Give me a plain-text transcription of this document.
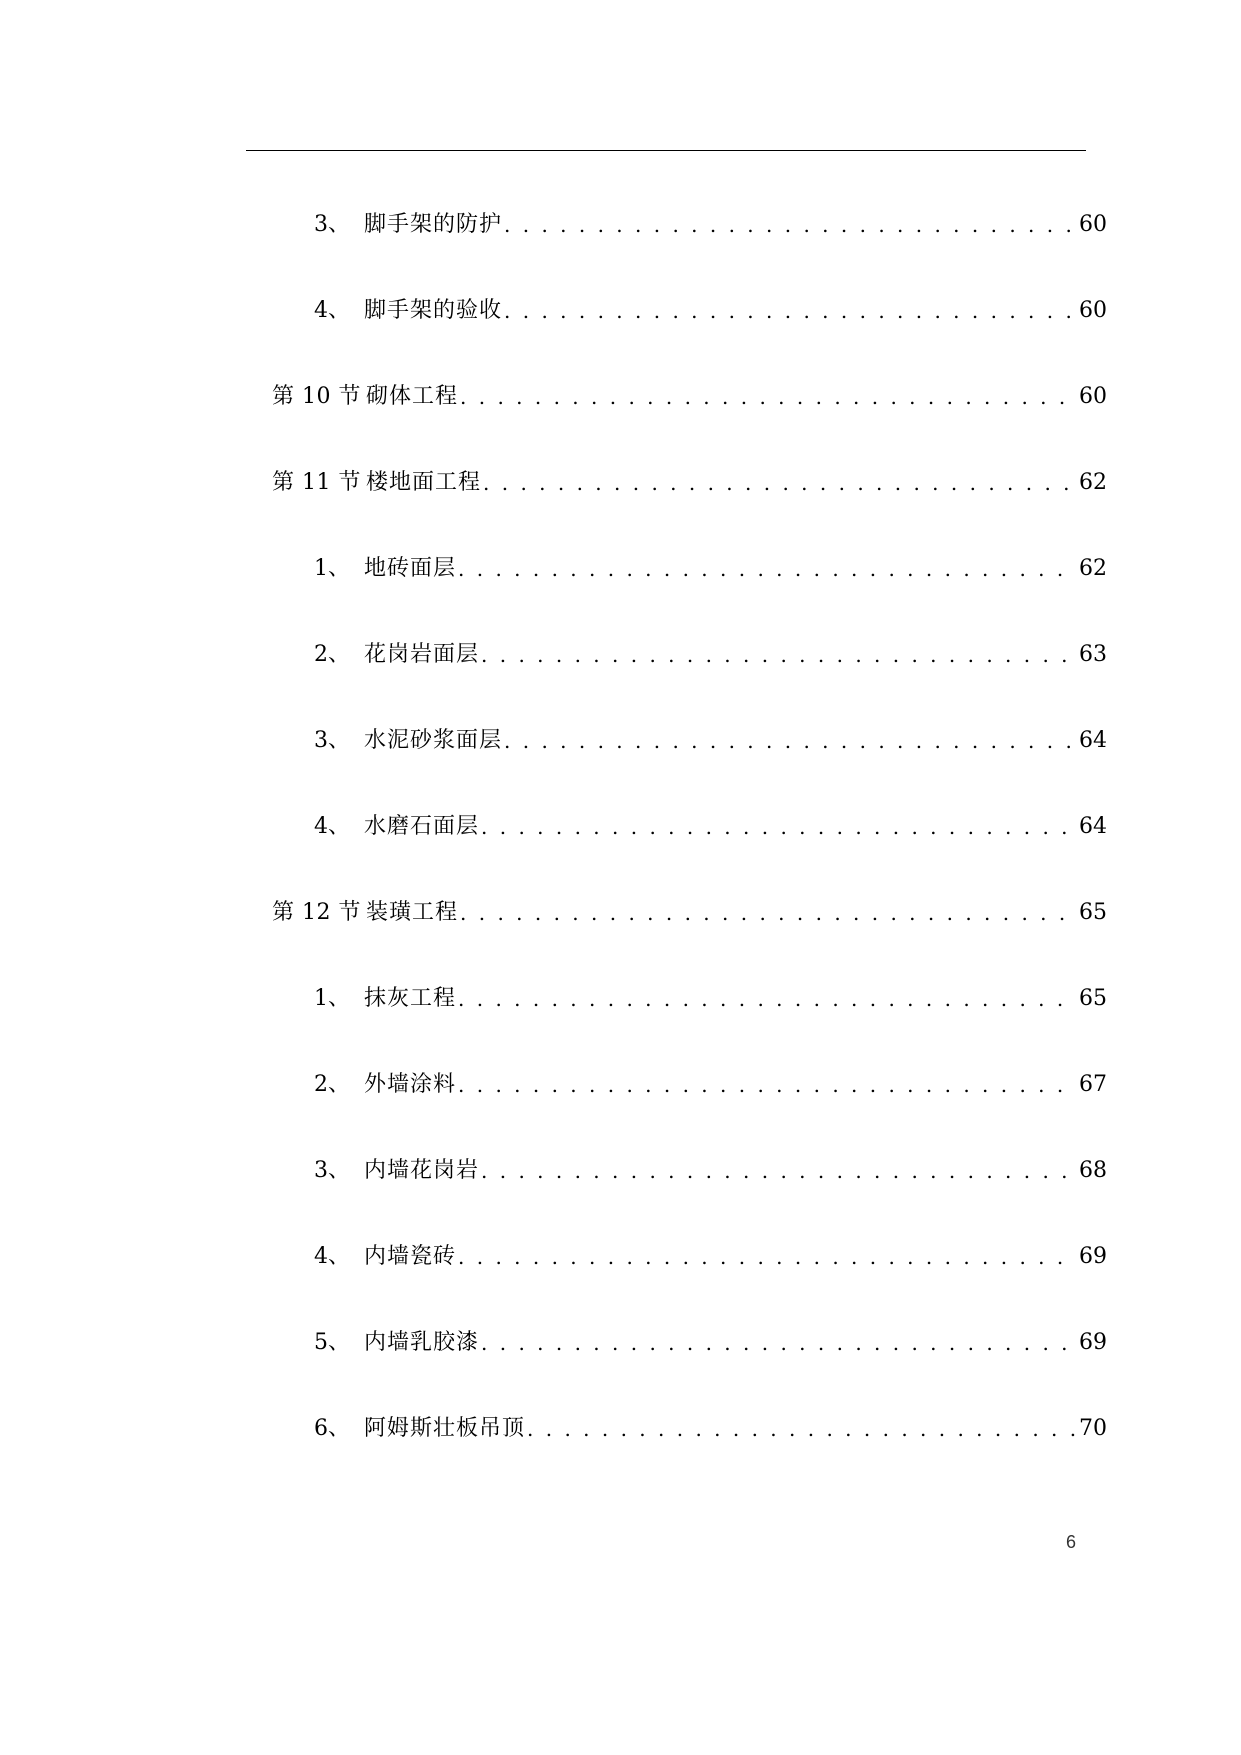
3、 脚手架的防护 . . .	60
4、 脚手架的验收 . . .	60
第 10 节 砌体工程 . . .	60
第 11 节 楼地面工程 . . .	62
1、 地砖面层 . . .	62
2、 花岗岩面层 . . .	63
3、 水泥砂浆面层 . . .	64
4、 水磨石面层 . . .	64
第 12 节 装璜工程 . . .	65
1、 抹灰工程 . . .	65
2、 外墙涂料 . . .	67
3、 内墙花岗岩 . . .	68
4、 内墙瓷砖 . . .	69
5、 内墙乳胶漆 . . .	69
6、 阿姆斯壮板吊顶 . . .	70
6
